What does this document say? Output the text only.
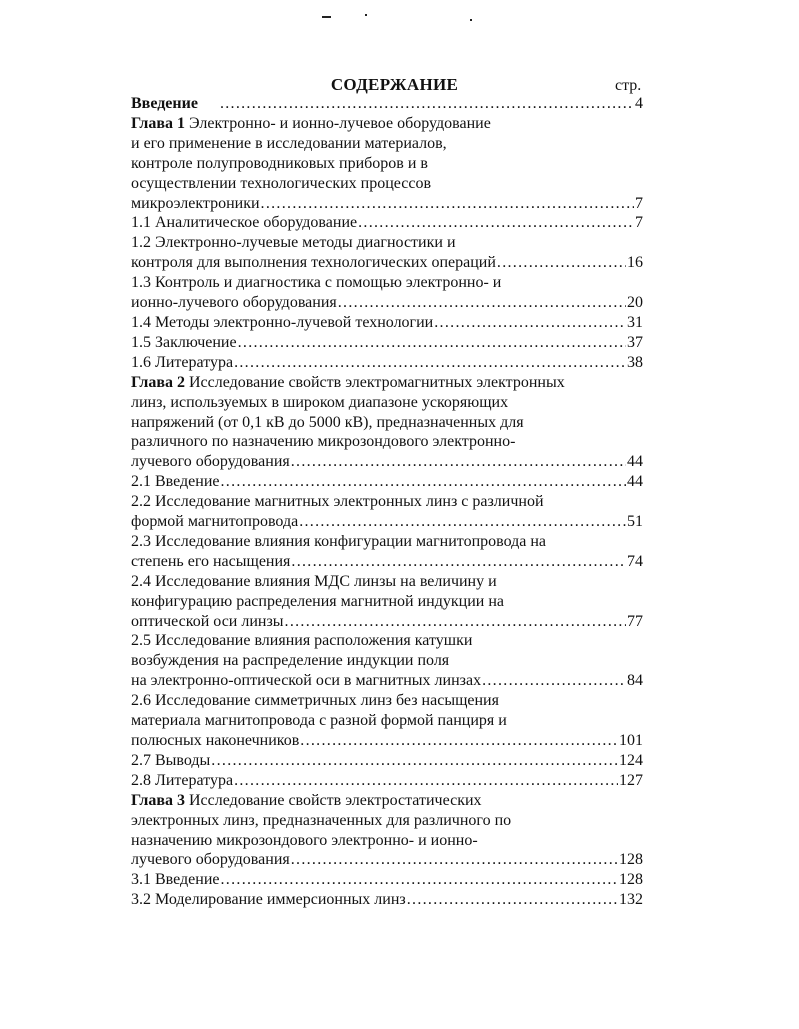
СОДЕРЖАНИЕ	стр.
Введение .....	4
Глава 1 Электронно- и ионно-лучевое оборудование
и его применение в исследовании материалов,
контроле полупроводниковых приборов и в
осуществлении технологических процессов
микроэлектроники .....	7
1.1 Аналитическое оборудование .....	7
1.2 Электронно-лучевые методы диагностики и
контроля для выполнения технологических операций .....	16
1.3 Контроль и диагностика с помощью электронно- и
ионно-лучевого оборудования .....	20
1.4 Методы электронно-лучевой технологии .....	31
1.5 Заключение .....	37
1.6 Литература .....	38
Глава 2 Исследование свойств электромагнитных электронных
линз, используемых в широком диапазоне ускоряющих
напряжений (от 0,1 кВ до 5000 кВ), предназначенных для
различного по назначению микрозондового электронно-
лучевого оборудования .....	44
2.1 Введение .....	44
2.2 Исследование магнитных электронных линз с различной
формой магнитопровода .....	51
2.3 Исследование влияния конфигурации магнитопровода на
степень его насыщения .....	74
2.4 Исследование влияния МДС линзы на величину и
конфигурацию распределения магнитной индукции на
оптической оси линзы .....	77
2.5 Исследование влияния расположения катушки
возбуждения на распределение индукции поля
на электронно-оптической оси в магнитных линзах .....	84
2.6 Исследование симметричных линз без насыщения
материала магнитопровода с разной формой панциря и
полюсных наконечников .....	101
2.7 Выводы .....	124
2.8 Литература .....	127
Глава 3 Исследование свойств электростатических
электронных линз, предназначенных для различного по
назначению микрозондового электронно- и ионно-
лучевого оборудования .....	128
3.1 Введение .....	128
3.2 Моделирование иммерсионных линз .....	132
